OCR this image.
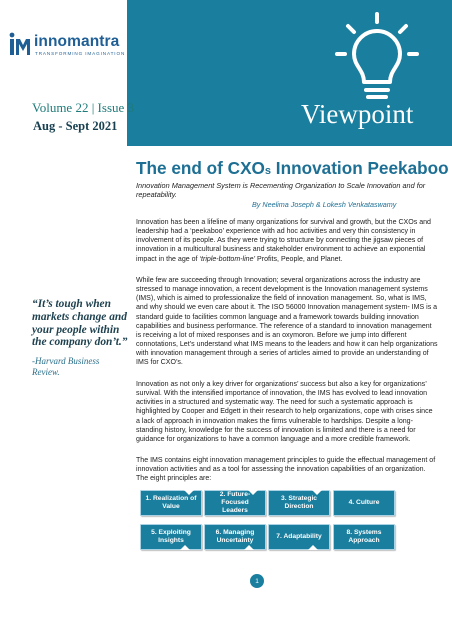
innomantra
TRANSFORMING IMAGINATION
Viewpoint
Volume 22 | Issue 3
Aug - Sept 2021
The end of CXOs Innovation Peekaboo

Innovation Management System is Recementing Organization to Scale Innovation and for repeatability.

By Neelima Joseph & Lokesh Venkataswamy

Innovation has been a lifeline of many organizations for survival and growth, but the CXOs and leadership had a ‘peekaboo’ experience with ad hoc activities and very thin consistency in involvement of its people. As they were trying to structure by connecting the jigsaw pieces of innovation in a multicultural business and stakeholder environment to achieve an exponential impact in the age of ‘triple-bottom-line’ Profits, People, and Planet.

While few are succeeding through Innovation; several organizations across the industry are stressed to manage innovation, a recent development is the Innovation management systems (IMS), which is aimed to professionalize the field of innovation management. So, what is IMS, and why should we even care about it. The ISO 56000 Innovation management system- IMS is a standard guide to facilities common language and a framework towards building innovation capabilities and business performance. The reference of a standard to innovation management is receiving a lot of mixed responses and is an oxymoron. Before we jump into different connotations, Let’s understand what IMS means to the leaders and how it can help organizations with innovation management through a series of articles aimed to provide an understanding of IMS for CXO’s.

Innovation as not only a key driver for organizations’ success but also a key for organizations’ survival. With the intensified importance of innovation, the IMS has evolved to lead innovation activities in a structured and systematic way. The need for such a systematic approach is highlighted by Cooper and Edgett in their research to help organizations, cope with crises since a lack of approach in innovation makes the firms vulnerable to hardships. Despite a long-standing history, knowledge for the success of innovation is limited and there is a need for guidance for organizations to have a common language and a more credible framework.

The IMS contains eight innovation management principles to guide the effectual management of innovation activities and as a tool for assessing the innovation capabilities of an organization. The eight principles are:

“It’s tough when markets change and your people within the company don’t.”
-Harvard Business Review.
1. Realization of Value
2. Future-Focused Leaders
3. Strategic Direction
4. Culture
5. Exploiting Insights
6. Managing Uncertainty
7. Adaptability
8. Systems Approach
1
